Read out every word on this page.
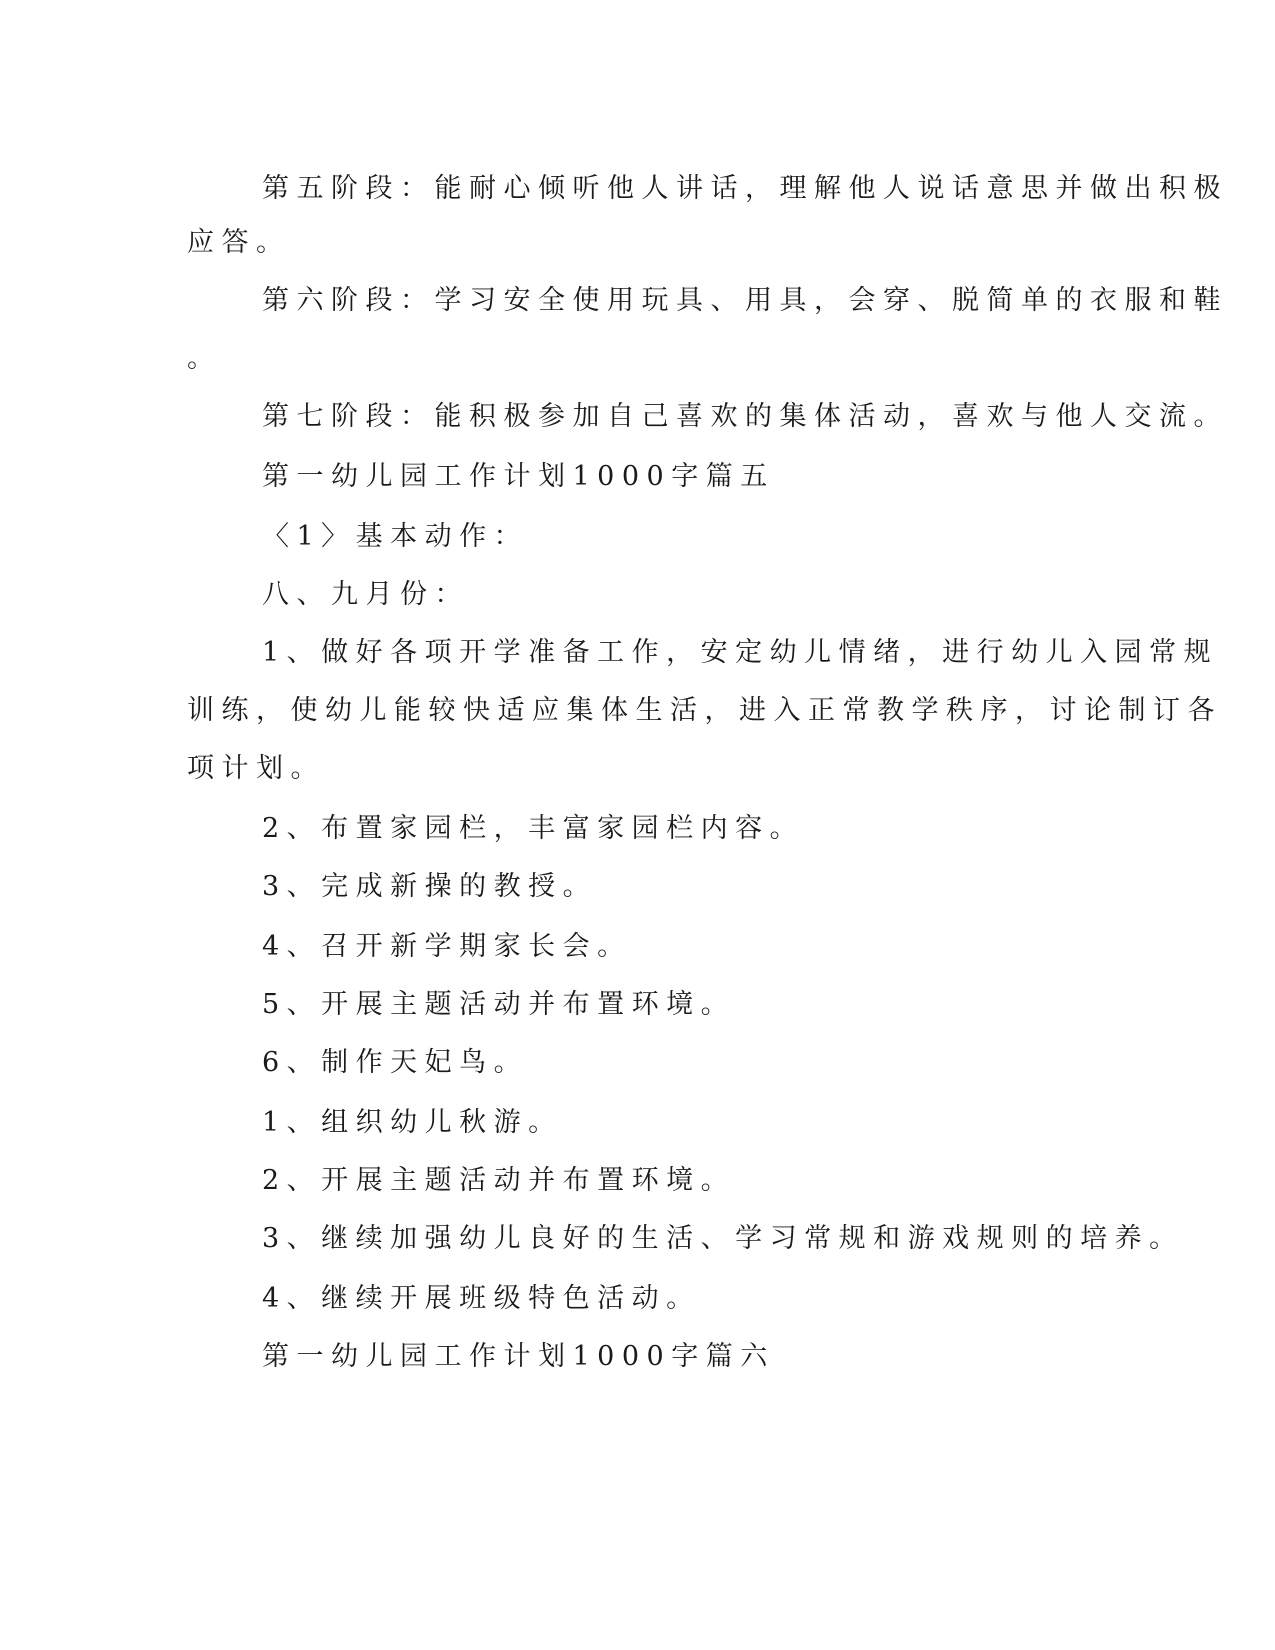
第五阶段：能耐心倾听他人讲话，理解他人说话意思并做出积极
应答。
第六阶段：学习安全使用玩具、用具，会穿、脱简单的衣服和鞋
。
第七阶段：能积极参加自己喜欢的集体活动，喜欢与他人交流。
第一幼儿园工作计划1000字篇五
〈1〉基本动作：
八、九月份：
1、做好各项开学准备工作，安定幼儿情绪，进行幼儿入园常规
训练，使幼儿能较快适应集体生活，进入正常教学秩序，讨论制订各
项计划。
2、布置家园栏，丰富家园栏内容。
3、完成新操的教授。
4、召开新学期家长会。
5、开展主题活动并布置环境。
6、制作天妃鸟。
1、组织幼儿秋游。
2、开展主题活动并布置环境。
3、继续加强幼儿良好的生活、学习常规和游戏规则的培养。
4、继续开展班级特色活动。
第一幼儿园工作计划1000字篇六
